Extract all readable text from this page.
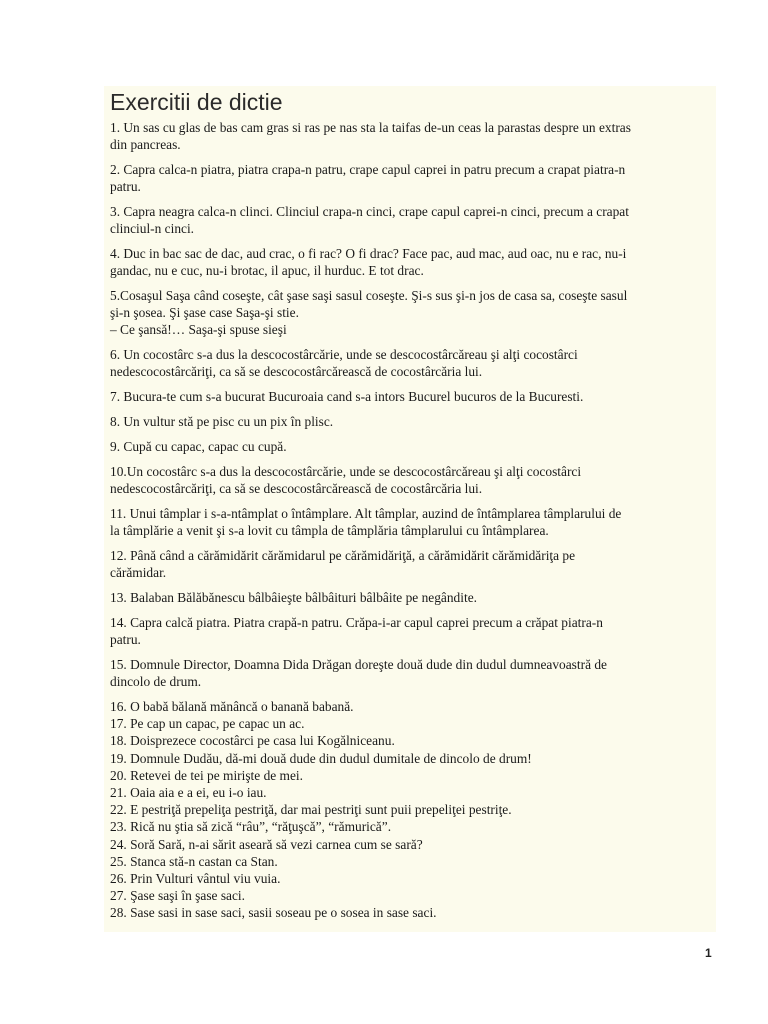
Exercitii de dictie

1. Un sas cu glas de bas cam gras si ras pe nas sta la taifas de-un ceas la parastas despre un extras
din pancreas.

2. Capra calca-n piatra, piatra crapa-n patru, crape capul caprei in patru precum a crapat piatra-n
patru.

3. Capra neagra calca-n clinci. Clinciul crapa-n cinci, crape capul caprei-n cinci, precum a crapat
clinciul-n cinci.

4. Duc in bac sac de dac, aud crac, o fi rac? O fi drac? Face pac, aud mac, aud oac, nu e rac, nu-i
gandac, nu e cuc, nu-i brotac, il apuc, il hurduc. E tot drac.

5.Cosaşul Saşa când coseşte, cât şase saşi sasul coseşte. Şi-s sus şi-n jos de casa sa, coseşte sasul
şi-n şosea. Şi şase case Saşa-şi stie.
– Ce şansă!… Saşa-şi spuse sieşi

6. Un cocostârc s-a dus la descocostârcărie, unde se descocostârcăreau şi alţi cocostârci
nedescocostârcăriţi, ca să se descocostârcărească de cocostârcăria lui.

7. Bucura-te cum s-a bucurat Bucuroaia cand s-a intors Bucurel bucuros de la Bucuresti.

8. Un vultur stă pe pisc cu un pix în plisc.

9. Cupă cu capac, capac cu cupă.

10.Un cocostârc s-a dus la descocostârcărie, unde se descocostârcăreau şi alţi cocostârci
nedescocostârcăriţi, ca să se descocostârcărească de cocostârcăria lui.

11. Unui tâmplar i s-a-ntâmplat o întâmplare. Alt tâmplar, auzind de întâmplarea tâmplarului de
la tâmplărie a venit şi s-a lovit cu tâmpla de tâmplăria tâmplarului cu întâmplarea.

12. Până când a cărămidărit cărămidarul pe cărămidăriţă, a cărămidărit cărămidăriţa pe
cărămidar.

13. Balaban Bălăbănescu bâlbâieşte bâlbâituri bâlbâite pe negândite.

14. Capra calcă piatra. Piatra crapă-n patru. Crăpa-i-ar capul caprei precum a crăpat piatra-n
patru.

15. Domnule Director, Doamna Dida Drăgan doreşte două dude din dudul dumneavoastră de
dincolo de drum.

16. O babă bălană mănâncă o banană babană.
17. Pe cap un capac, pe capac un ac.
18. Doisprezece cocostârci pe casa lui Kogălniceanu.
19. Domnule Dudău, dă-mi două dude din dudul dumitale de dincolo de drum!
20. Retevei de tei pe mirişte de mei.
21. Oaia aia e a ei, eu i-o iau.
22. E pestriţă prepeliţa pestriţă, dar mai pestriţi sunt puii prepeliţei pestriţe.
23. Rică nu ştia să zică “râu”, “răţuşcă”, “rămurică”.
24. Soră Sară, n-ai sărit aseară să vezi carnea cum se sară?
25. Stanca stă-n castan ca Stan.
26. Prin Vulturi vântul viu vuia.
27. Şase saşi în şase saci.
28. Sase sasi in sase saci, sasii soseau pe o sosea in sase saci.
1
